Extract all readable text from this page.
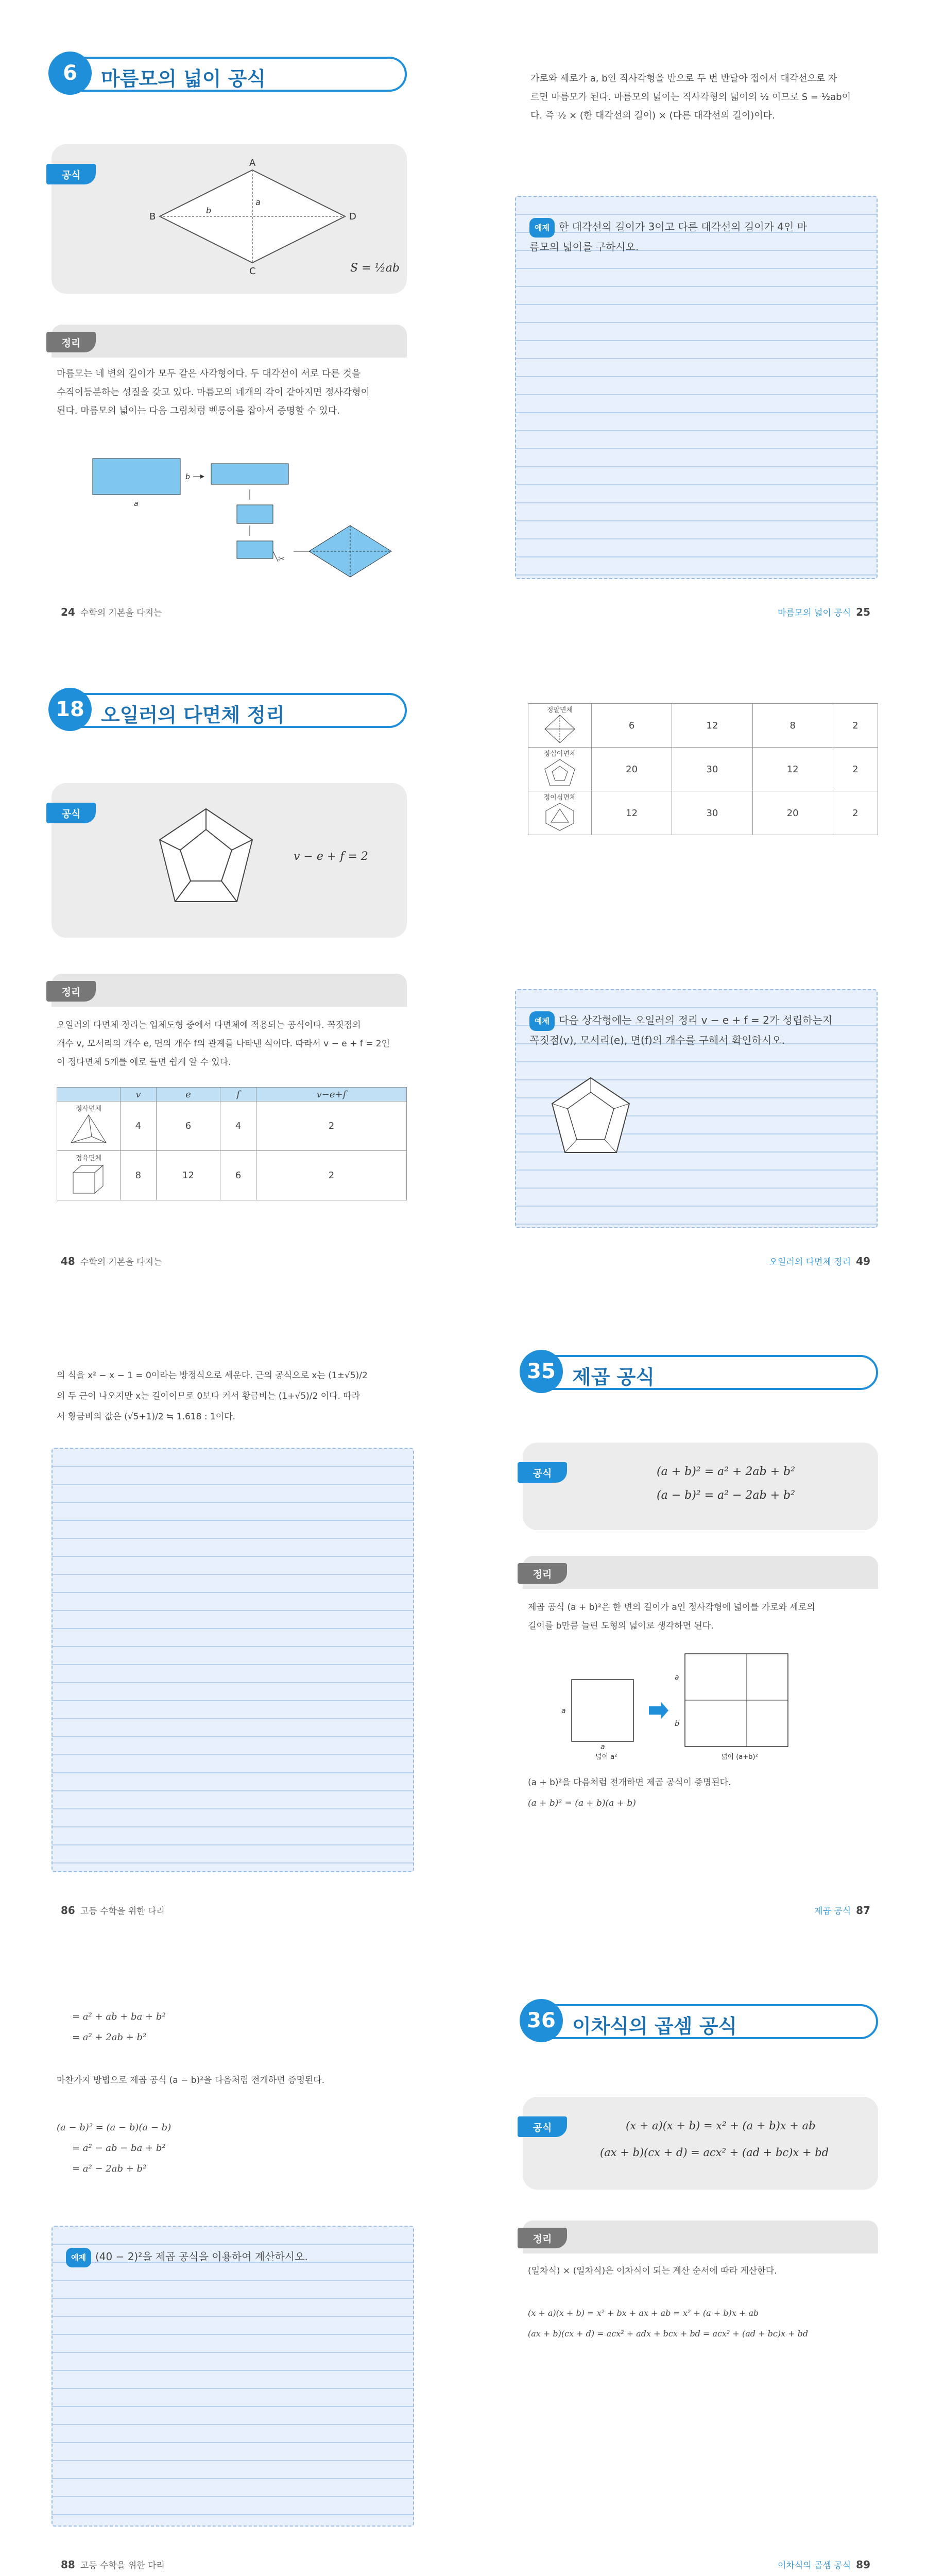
6	마름모의 넓이 공식
공식
A
B
C
D
a
b
S = ½ab
정리
마름모는 네 변의 길이가 모두 같은 사각형이다. 두 대각선이 서로 다른 것을
수직이등분하는 성질을 갖고 있다. 마름모의 네개의 각이 같아지면 정사각형이
된다. 마름모의 넓이는 다음 그림처럼 벡롱이를 잡아서 증명할 수 있다.
a
b
✂
24 수학의 기본을 다지는
가로와 세로가 a, b인 직사각형을 반으로 두 번 반달아 접어서 대각선으로 자
르면 마름모가 된다. 마름모의 넓이는 직사각형의 넓이의 ½ 이므로 S = ½ab이
다. 즉 ½ × (한 대각선의 길이) × (다른 대각선의 길이)이다.
예제 한 대각선의 길이가 3이고 다른 대각선의 길이가 4인 마
름모의 넓이를 구하시오.
마름모의 넓이 공식 25
18 오일러의 다면체 정리
공식
v − e + f = 2
정리
오일러의 다면체 정리는 입체도형 중에서 다면체에 적용되는 공식이다. 꼭짓점의
개수 v, 모서리의 개수 e, 면의 개수 f의 관계를 나타낸 식이다. 따라서 v − e + f = 2인
이 정다면체 5개를 예로 들면 쉽게 알 수 있다.
	v	e	f	v−e+f

정사면체	4	6	4	2

정육면체	8	12	6	2
48 수학의 기본을 다지는
정팔면체	6	12	8	2

정십이면체	20	30	12	2

정이십면체	12	30	20	2
예제 다음 상각형에는 오일러의 정리 v − e + f = 2가 성립하는지
꼭짓점(v), 모서리(e), 면(f)의 개수를 구해서 확인하시오.
오일러의 다면체 정리 49
의 식을 x² − x − 1 = 0이라는 방정식으로 세운다. 근의 공식으로 x는 (1±√5)/2
의 두 근이 나오지만 x는 길이이므로 0보다 커서 황금비는 (1+√5)/2 이다. 따라
서 황금비의 값은 (√5+1)/2 ≒ 1.618 : 1이다.
86 고등 수학을 위한 다리
35 제곱 공식
공식	(a + b)² = a² + 2ab + b²
(a − b)² = a² − 2ab + b²
정리
제곱 공식 (a + b)²은 한 변의 길이가 a인 정사각형에 넓이를 가로와 세로의
길이를 b만큼 늘린 도형의 넓이로 생각하면 된다.
a
a
a
b
넓이 a²	넓이 (a+b)²
(a + b)²을 다음처럼 전개하면 제곱 공식이 증명된다.
(a + b)² = (a + b)(a + b)
제곱 공식 87
= a² + ab + ba + b²
= a² + 2ab + b²
마찬가지 방법으로 제곱 공식 (a − b)²을 다음처럼 전개하면 증명된다.
(a − b)² = (a − b)(a − b)
= a² − ab − ba + b²
= a² − 2ab + b²
예제 (40 − 2)²을 제곱 공식을 이용하여 계산하시오.
88 고등 수학을 위한 다리
36 이차식의 곱셈 공식
공식	(x + a)(x + b) = x² + (a + b)x + ab
(ax + b)(cx + d) = acx² + (ad + bc)x + bd
정리
(일차식) × (일차식)은 이차식이 되는 계산 순서에 따라 계산한다.
(x + a)(x + b) = x² + bx + ax + ab = x² + (a + b)x + ab
(ax + b)(cx + d) = acx² + adx + bcx + bd = acx² + (ad + bc)x + bd
이차식의 곱셈 공식 89
